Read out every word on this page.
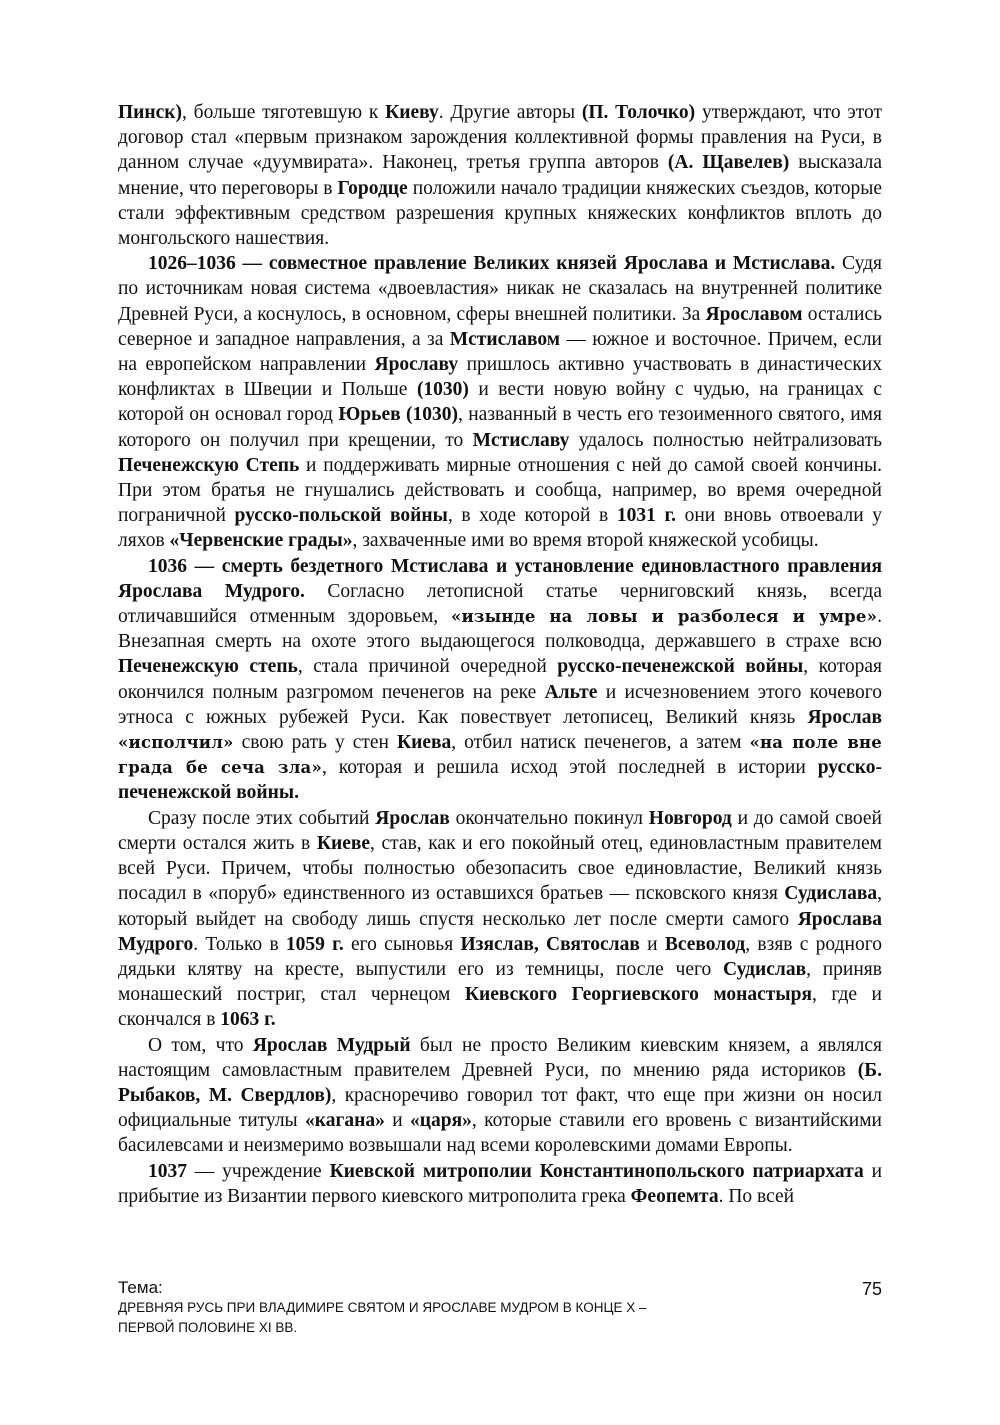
Пинск), больше тяготевшую к Киеву. Другие авторы (П. Толочко) утверждают, что этот договор стал «первым признаком зарождения коллективной формы правления на Руси, в данном случае «дуумвирата». Наконец, третья группа авторов (А. Щавелев) высказала мнение, что переговоры в Городце положили начало традиции княжеских съездов, которые стали эффективным средством разрешения крупных княжеских конфликтов вплоть до монгольского нашествия.

1026–1036 — совместное правление Великих князей Ярослава и Мстислава. Судя по источникам новая система «двоевластия» никак не сказалась на внутренней политике Древней Руси, а коснулось, в основном, сферы внешней политики. За Ярославом остались северное и западное направления, а за Мстиславом — южное и восточное. Причем, если на европейском направлении Ярославу пришлось активно участвовать в династических конфликтах в Швеции и Польше (1030) и вести новую войну с чудью, на границах с которой он основал город Юрьев (1030), названный в честь его тезоименного святого, имя которого он получил при крещении, то Мстиславу удалось полностью нейтрализовать Печенежскую Степь и поддерживать мирные отношения с ней до самой своей кончины. При этом братья не гнушались действовать и сообща, например, во время очередной пограничной русско-польской войны, в ходе которой в 1031 г. они вновь отвоевали у ляхов «Червенские грады», захваченные ими во время второй княжеской усобицы.

1036 — смерть бездетного Мстислава и установление единовластного правления Ярослава Мудрого. Согласно летописной статье черниговский князь, всегда отличавшийся отменным здоровьем, «изынде на ловы и разболеся и умре». Внезапная смерть на охоте этого выдающегося полководца, державшего в страхе всю Печенежскую степь, стала причиной очередной русско-печенежской войны, которая окончился полным разгромом печенегов на реке Альте и исчезновением этого кочевого этноса с южных рубежей Руси. Как повествует летописец, Великий князь Ярослав «исполчил» свою рать у стен Киева, отбил натиск печенегов, а затем «на поле вне града бе сеча зла», которая и решила исход этой последней в истории русско-печенежской войны.

Сразу после этих событий Ярослав окончательно покинул Новгород и до самой своей смерти остался жить в Киеве, став, как и его покойный отец, единовластным правителем всей Руси. Причем, чтобы полностью обезопасить свое единовластие, Великий князь посадил в «поруб» единственного из оставшихся братьев — псковского князя Судислава, который выйдет на свободу лишь спустя несколько лет после смерти самого Ярослава Мудрого. Только в 1059 г. его сыновья Изяслав, Святослав и Всеволод, взяв с родного дядьки клятву на кресте, выпустили его из темницы, после чего Судислав, приняв монашеский постриг, стал чернецом Киевского Георгиевского монастыря, где и скончался в 1063 г.

О том, что Ярослав Мудрый был не просто Великим киевским князем, а являлся настоящим самовластным правителем Древней Руси, по мнению ряда историков (Б. Рыбаков, М. Свердлов), красноречиво говорил тот факт, что еще при жизни он носил официальные титулы «кагана» и «царя», которые ставили его вровень с византийскими басилевсами и неизмеримо возвышали над всеми королевскими домами Европы.

1037 — учреждение Киевской митрополии Константинопольского патриархата и прибытие из Византии первого киевского митрополита грека Феопемта. По всей

Тема:
ДРЕВНЯЯ РУСЬ ПРИ ВЛАДИМИРЕ СВЯТОМ И ЯРОСЛАВЕ МУДРОМ В КОНЦЕ X –
ПЕРВОЙ ПОЛОВИНЕ XI ВВ.
75
